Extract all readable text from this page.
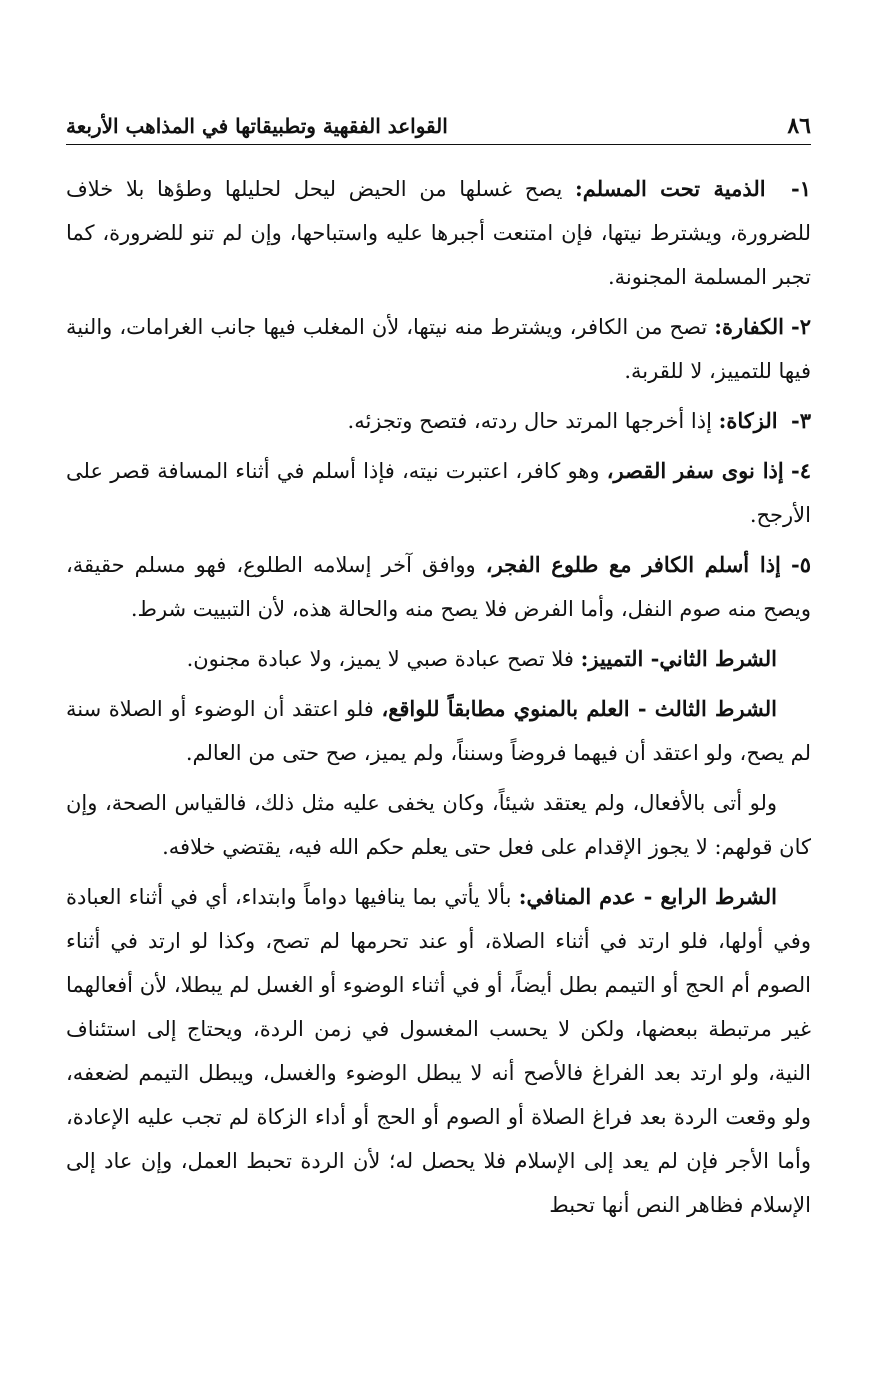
٨٦
القواعد الفقهية وتطبيقاتها في المذاهب الأربعة

١-  الذمية تحت المسلم: يصح غسلها من الحيض ليحل لحليلها وطؤها بلا خلاف للضرورة، ويشترط نيتها، فإن امتنعت أجبرها عليه واستباحها، وإن لم تنو للضرورة، كما تجبر المسلمة المجنونة.

٢- الكفارة: تصح من الكافر، ويشترط منه نيتها، لأن المغلب فيها جانب الغرامات، والنية فيها للتمييز، لا للقربة.

٣-  الزكاة: إذا أخرجها المرتد حال ردته، فتصح وتجزئه.

٤- إذا نوى سفر القصر، وهو كافر، اعتبرت نيته، فإذا أسلم في أثناء المسافة قصر على الأرجح.

٥- إذا أسلم الكافر مع طلوع الفجر، ووافق آخر إسلامه الطلوع، فهو مسلم حقيقة، ويصح منه صوم النفل، وأما الفرض فلا يصح منه والحالة هذه، لأن التبييت شرط.

الشرط الثاني- التمييز: فلا تصح عبادة صبي لا يميز، ولا عبادة مجنون.

الشرط الثالث - العلم بالمنوي مطابقاً للواقع، فلو اعتقد أن الوضوء أو الصلاة سنة لم يصح، ولو اعتقد أن فيهما فروضاً وسنناً، ولم يميز، صح حتى من العالم.

ولو أتى بالأفعال، ولم يعتقد شيئاً، وكان يخفى عليه مثل ذلك، فالقياس الصحة، وإن كان قولهم: لا يجوز الإقدام على فعل حتى يعلم حكم الله فيه، يقتضي خلافه.

الشرط الرابع - عدم المنافي: بألا يأتي بما ينافيها دواماً وابتداء، أي في أثناء العبادة وفي أولها، فلو ارتد في أثناء الصلاة، أو عند تحرمها لم تصح، وكذا لو ارتد في أثناء الصوم أم الحج أو التيمم بطل أيضاً، أو في أثناء الوضوء أو الغسل لم يبطلا، لأن أفعالهما غير مرتبطة ببعضها، ولكن لا يحسب المغسول في زمن الردة، ويحتاج إلى استئناف النية، ولو ارتد بعد الفراغ فالأصح أنه لا يبطل الوضوء والغسل، ويبطل التيمم لضعفه، ولو وقعت الردة بعد فراغ الصلاة أو الصوم أو الحج أو أداء الزكاة لم تجب عليه الإعادة، وأما الأجر فإن لم يعد إلى الإسلام فلا يحصل له؛ لأن الردة تحبط العمل، وإن عاد إلى الإسلام فظاهر النص أنها تحبط
